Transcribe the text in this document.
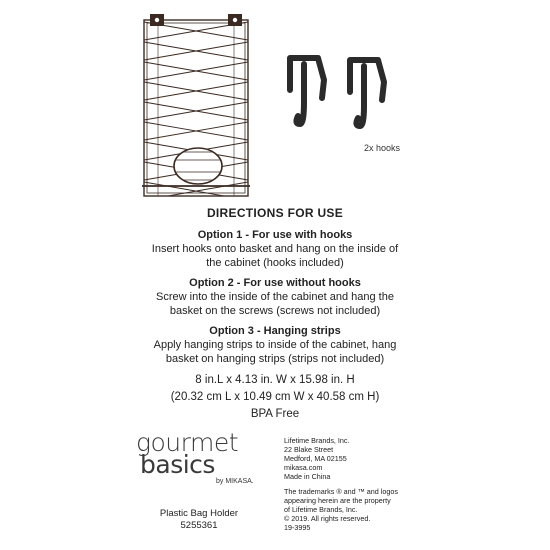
2x hooks

DIRECTIONS FOR USE

Option 1 - For use with hooks

Insert hooks onto basket and hang on the inside of

the cabinet (hooks included)

Option 2 - For use without hooks

Screw into the inside of the cabinet and hang the

basket on the screws (screws not included)

Option 3 - Hanging strips

Apply hanging strips to inside of the cabinet, hang

basket on hanging strips (strips not included)

8 in.L x 4.13 in. W x 15.98 in. H

(20.32 cm L x 10.49 cm W x 40.58 cm H)

BPA Free

gourmet
basics
by MIKASA.
Plastic Bag Holder
5255361
Lifetime Brands, Inc.
22 Blake Street
Medford, MA 02155
mikasa.com
Made in China
The trademarks ® and ™ and logos
appearing herein are the property
of Lifetime Brands, Inc.
© 2019. All rights reserved.
19-3995
